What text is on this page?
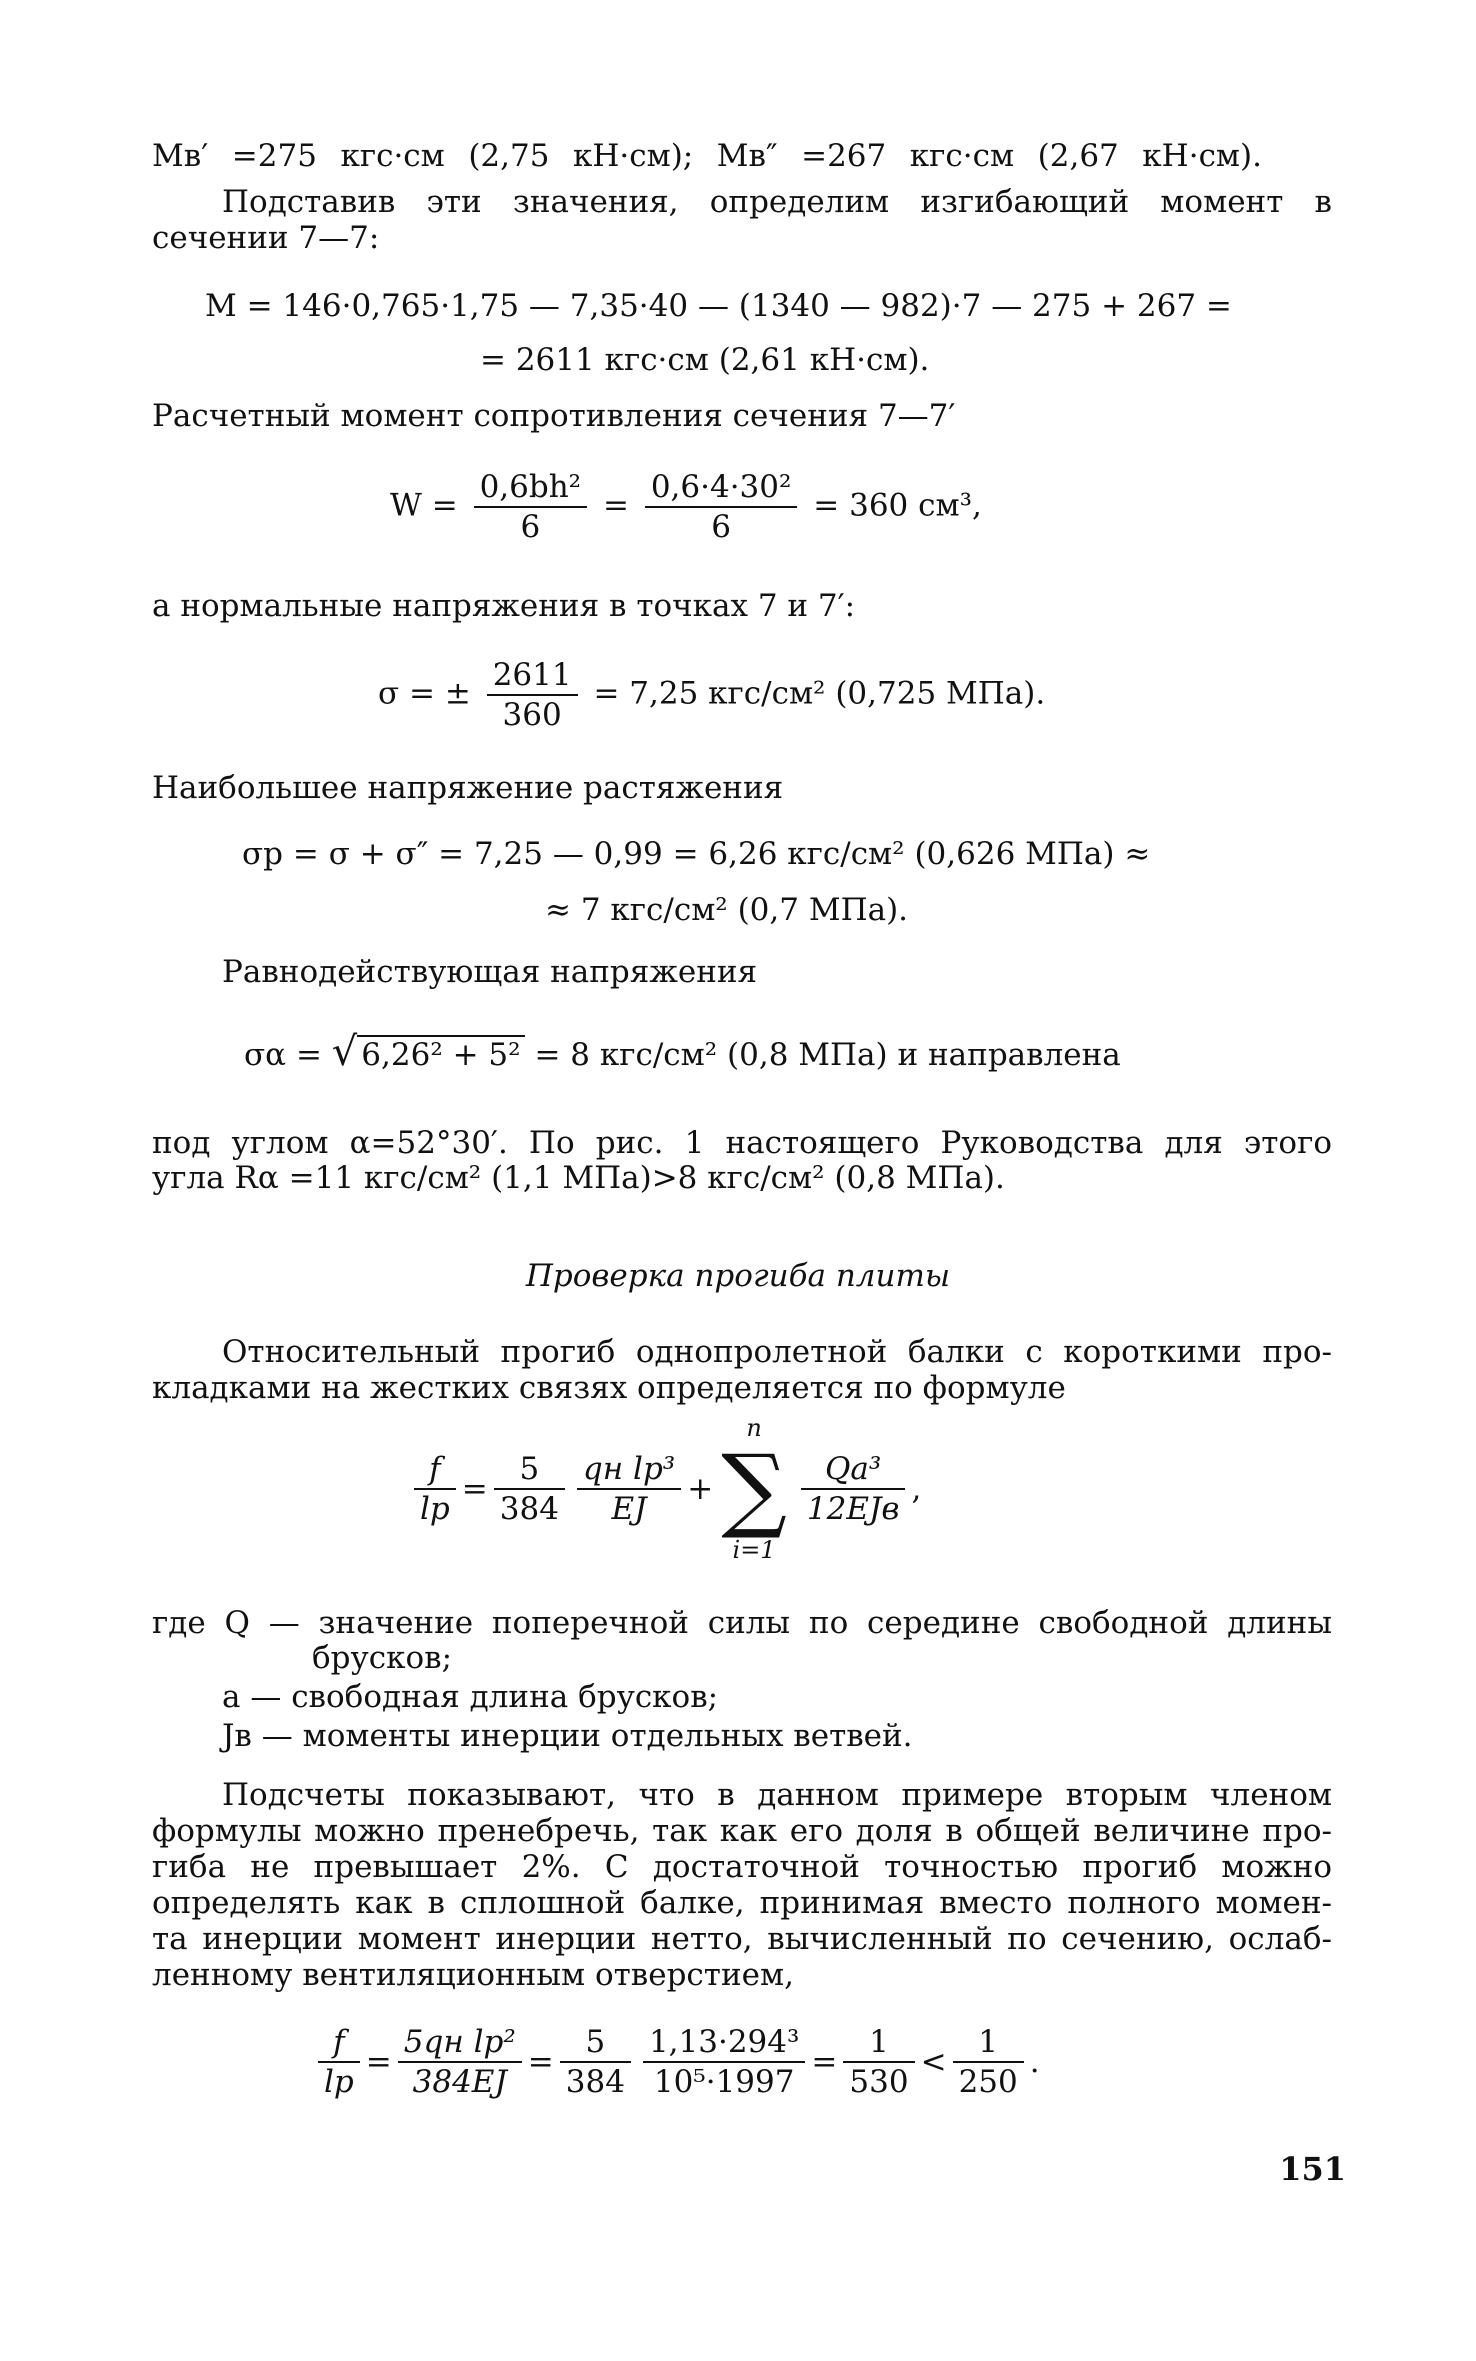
Mв′ =275 кгс·см (2,75 кН·см); Mв″ =267 кгс·см (2,67 кН·см).
Подставив эти значения, определим изгибающий момент в сечении 7—7:
M = 146·0,765·1,75 — 7,35·40 — (1340 — 982)·7 — 275 + 267 =
= 2611 кгс·см (2,61 кН·см).
Расчетный момент сопротивления сечения 7—7′
$W = \frac{\text{0,6bh²}}{6} = \frac{\text{0,6·4·30²}}{6} = 360$ см³,
а нормальные напряжения в точках 7 и 7′:
σ = ± $\frac{2611}{360} = 7,25$ кгс/см² (0,725 МПа).
Наибольшее напряжение растяжения
σр = σ + σ″ = 7,25 — 0,99 = 6,26 кгс/см² (0,626 МПа) ≈
≈ 7 кгс/см² (0,7 МПа).
Равнодействующая напряжения
σα = √ 6,26² + 5² = 8 кгс/см² (0,8 МПа) и направлена
под углом α=52°30′. По рис. 1 настоящего Руководства для этого
угла Rα =11 кгс/см² (1,1 МПа)>8 кгс/см² (0,8 МПа).
Проверка прогиба плиты
Относительный прогиб однопролетной балки с короткими про-
кладками на жестких связях определяется по формуле
$\frac{f}{lр} = \frac{5}{384} \frac{\text{qн lр³}}{EJ}$ +
n
∑
i=1
$\frac{\text{Qa³}}{\text{12EJв}}$ ,
где Q — значение поперечной силы по середине свободной длины
брусков;
a — свободная длина брусков;
Jв — моменты инерции отдельных ветвей.
Подсчеты показывают, что в данном примере вторым членом
формулы можно пренебречь, так как его доля в общей величине про-
гиба не превышает 2%. С достаточной точностью прогиб можно
определять как в сплошной балке, принимая вместо полного момен-
та инерции момент инерции нетто, вычисленный по сечению, ослаб-
ленному вентиляционным отверстием,
$\frac{f}{lр} = \frac{\text{5qн lр²}}{384EJ} = \frac{5}{384} \frac{\text{1,13·294³}}{\text{10⁵·1997}} = \frac{1}{530} < \frac{1}{250}$ .
151
